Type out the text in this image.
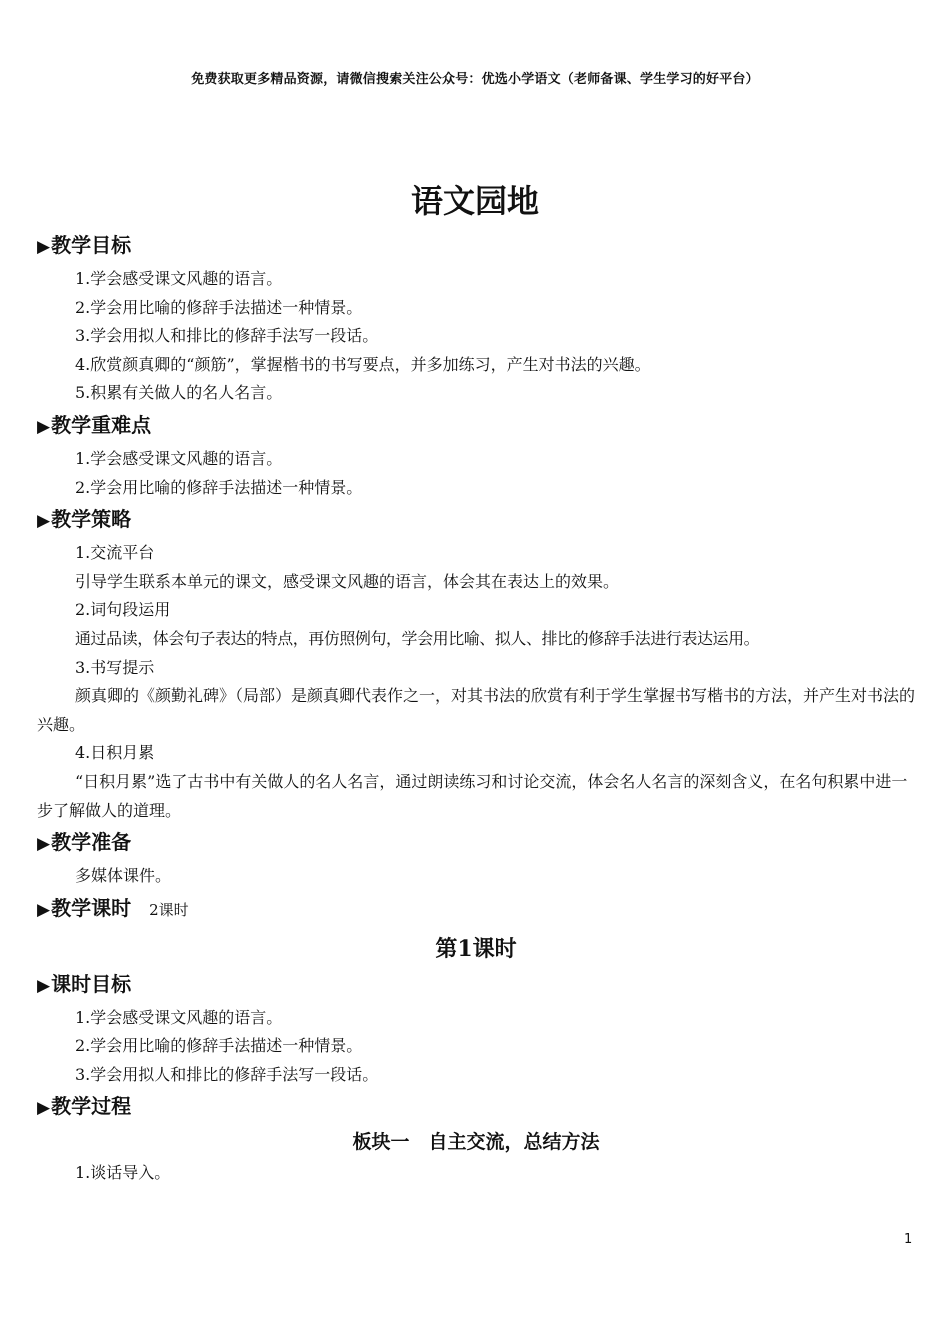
免费获取更多精品资源，请微信搜索关注公众号：优选小学语文（老师备课、学生学习的好平台）
语文园地
▶教学目标

1.学会感受课文风趣的语言。

2.学会用比喻的修辞手法描述一种情景。

3.学会用拟人和排比的修辞手法写一段话。

4.欣赏颜真卿的“颜筋”，掌握楷书的书写要点，并多加练习，产生对书法的兴趣。

5.积累有关做人的名人名言。

▶教学重难点

1.学会感受课文风趣的语言。

2.学会用比喻的修辞手法描述一种情景。

▶教学策略

1.交流平台

引导学生联系本单元的课文，感受课文风趣的语言，体会其在表达上的效果。

2.词句段运用

通过品读，体会句子表达的特点，再仿照例句，学会用比喻、拟人、排比的修辞手法进行表达运用。

3.书写提示

颜真卿的《颜勤礼碑》（局部）是颜真卿代表作之一，对其书法的欣赏有利于学生掌握书写楷书的方法，并产生对书法的兴趣。

4.日积月累

“日积月累”选了古书中有关做人的名人名言，通过朗读练习和讨论交流，体会名人名言的深刻含义，在名句积累中进一步了解做人的道理。

▶教学准备

多媒体课件。

▶教学课时 2课时
第1课时
▶课时目标

1.学会感受课文风趣的语言。

2.学会用比喻的修辞手法描述一种情景。

3.学会用拟人和排比的修辞手法写一段话。

▶教学过程
板块一　自主交流，总结方法

1.谈话导入。

1
